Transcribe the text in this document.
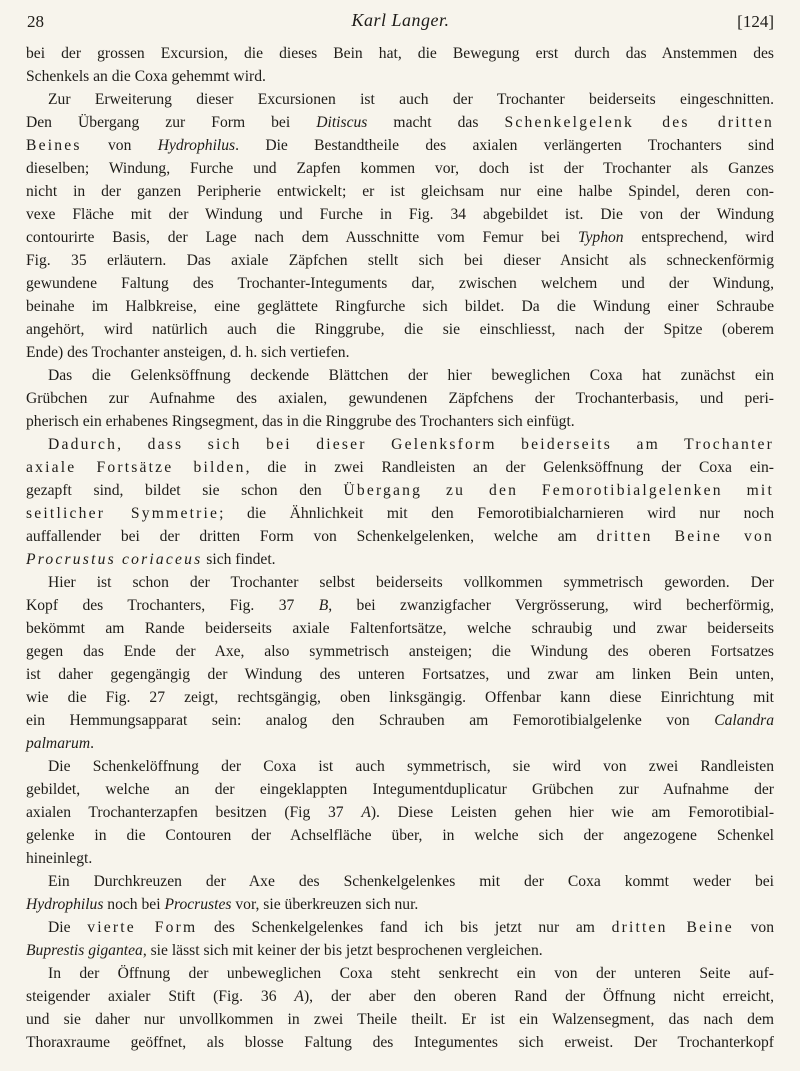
28	Karl Langer.	[124]
bei der grossen Excursion, die dieses Bein hat, die Bewegung erst durch das Anstemmen des
Schenkels an die Coxa gehemmt wird.
Zur Erweiterung dieser Excursionen ist auch der Trochanter beiderseits eingeschnitten.
Den Übergang zur Form bei Ditiscus macht das Schenkelgelenk des dritten
Beines von Hydrophilus. Die Bestandtheile des axialen verlängerten Trochanters sind
dieselben; Windung, Furche und Zapfen kommen vor, doch ist der Trochanter als Ganzes
nicht in der ganzen Peripherie entwickelt; er ist gleichsam nur eine halbe Spindel, deren con-
vexe Fläche mit der Windung und Furche in Fig. 34 abgebildet ist. Die von der Windung
contourirte Basis, der Lage nach dem Ausschnitte vom Femur bei Typhon entsprechend, wird
Fig. 35 erläutern. Das axiale Zäpfchen stellt sich bei dieser Ansicht als schneckenförmig
gewundene Faltung des Trochanter-Integuments dar, zwischen welchem und der Windung,
beinahe im Halbkreise, eine geglättete Ringfurche sich bildet. Da die Windung einer Schraube
angehört, wird natürlich auch die Ringgrube, die sie einschliesst, nach der Spitze (oberem
Ende) des Trochanter ansteigen, d. h. sich vertiefen.
Das die Gelenksöffnung deckende Blättchen der hier beweglichen Coxa hat zunächst ein
Grübchen zur Aufnahme des axialen, gewundenen Zäpfchens der Trochanterbasis, und peri-
pherisch ein erhabenes Ringsegment, das in die Ringgrube des Trochanters sich einfügt.
Dadurch, dass sich bei dieser Gelenksform beiderseits am Trochanter
axiale Fortsätze bilden, die in zwei Randleisten an der Gelenksöffnung der Coxa ein-
gezapft sind, bildet sie schon den Übergang zu den Femorotibialgelenken mit
seitlicher Symmetrie; die Ähnlichkeit mit den Femorotibialcharnieren wird nur noch
auffallender bei der dritten Form von Schenkelgelenken, welche am dritten Beine von
Procrustus coriaceus sich findet.
Hier ist schon der Trochanter selbst beiderseits vollkommen symmetrisch geworden. Der
Kopf des Trochanters, Fig. 37 B, bei zwanzigfacher Vergrösserung, wird becherförmig,
bekömmt am Rande beiderseits axiale Faltenfortsätze, welche schraubig und zwar beiderseits
gegen das Ende der Axe, also symmetrisch ansteigen; die Windung des oberen Fortsatzes
ist daher gegengängig der Windung des unteren Fortsatzes, und zwar am linken Bein unten,
wie die Fig. 27 zeigt, rechtsgängig, oben linksgängig. Offenbar kann diese Einrichtung mit
ein Hemmungsapparat sein: analog den Schrauben am Femorotibialgelenke von Calandra
palmarum.
Die Schenkelöffnung der Coxa ist auch symmetrisch, sie wird von zwei Randleisten
gebildet, welche an der eingeklappten Integumentduplicatur Grübchen zur Aufnahme der
axialen Trochanterzapfen besitzen (Fig 37 A). Diese Leisten gehen hier wie am Femorotibial-
gelenke in die Contouren der Achselfläche über, in welche sich der angezogene Schenkel
hineinlegt.
Ein Durchkreuzen der Axe des Schenkelgelenkes mit der Coxa kommt weder bei
Hydrophilus noch bei Procrustes vor, sie überkreuzen sich nur.
Die vierte Form des Schenkelgelenkes fand ich bis jetzt nur am dritten Beine von
Buprestis gigantea, sie lässt sich mit keiner der bis jetzt besprochenen vergleichen.
In der Öffnung der unbeweglichen Coxa steht senkrecht ein von der unteren Seite auf-
steigender axialer Stift (Fig. 36 A), der aber den oberen Rand der Öffnung nicht erreicht,
und sie daher nur unvollkommen in zwei Theile theilt. Er ist ein Walzensegment, das nach dem
Thoraxraume geöffnet, als blosse Faltung des Integumentes sich erweist. Der Trochanterkopf
